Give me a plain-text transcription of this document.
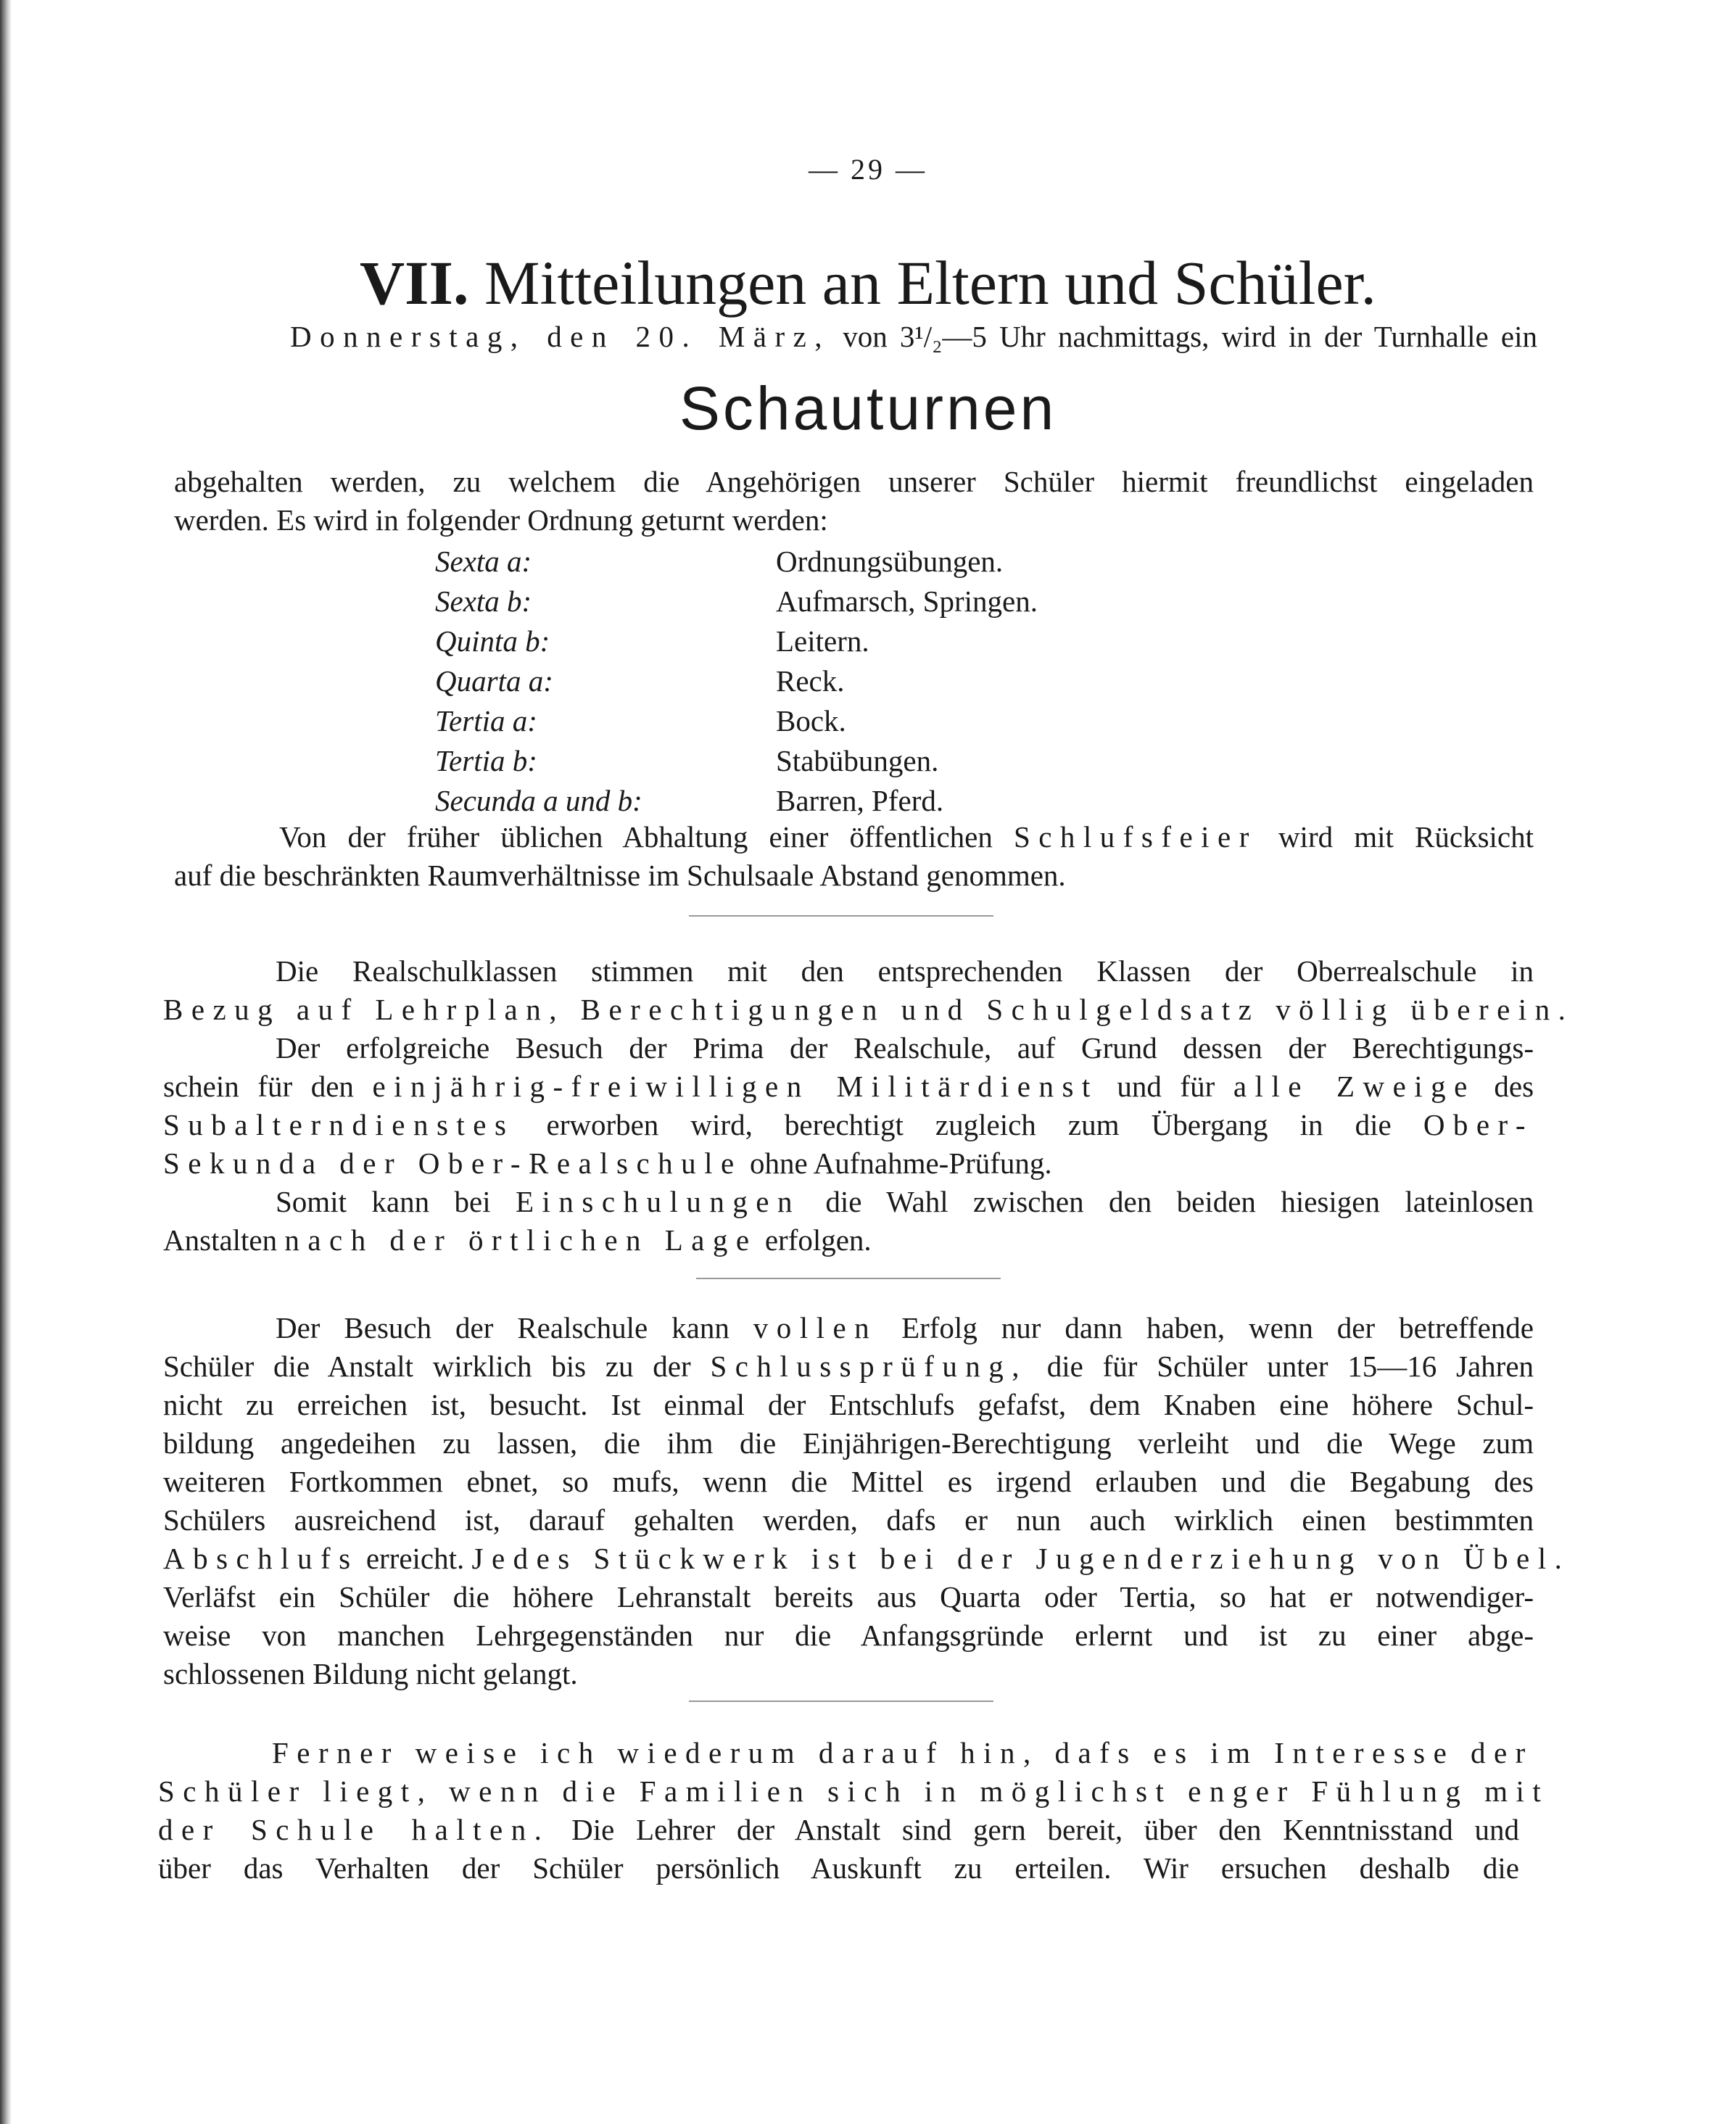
— 29 —
VII. Mitteilungen an Eltern und Schüler.
Donnerstag, den 20. März, von 3¹/₂—5 Uhr nachmittags, wird in der Turnhalle ein
Schauturnen
abgehalten werden, zu welchem die Angehörigen unserer Schüler hiermit freundlichst eingeladen
werden. Es wird in folgender Ordnung geturnt werden:
Sexta a:	Ordnungsübungen.
Sexta b:	Aufmarsch, Springen.
Quinta b:	Leitern.
Quarta a:	Reck.
Tertia a:	Bock.
Tertia b:	Stabübungen.
Secunda a und b:	Barren, Pferd.
Von der früher üblichen Abhaltung einer öffentlichen Schlufsfeier wird mit Rücksicht
auf die beschränkten Raumverhältnisse im Schulsaale Abstand genommen.
Die Realschulklassen stimmen mit den entsprechenden Klassen der Oberrealschule in
Bezug auf Lehrplan, Berechtigungen und Schulgeldsatz völlig überein.
Der erfolgreiche Besuch der Prima der Realschule, auf Grund dessen der Berechtigungs-
schein für den einjährig-freiwilligen Militärdienst und für alle Zweige des
Subalterndienstes erworben wird, berechtigt zugleich zum Übergang in die Ober-
Sekunda der Ober-Realschule ohne Aufnahme-Prüfung.
Somit kann bei Einschulungen die Wahl zwischen den beiden hiesigen lateinlosen
Anstalten nach der örtlichen Lage erfolgen.
Der Besuch der Realschule kann vollen Erfolg nur dann haben, wenn der betreffende
Schüler die Anstalt wirklich bis zu der Schlussprüfung, die für Schüler unter 15—16 Jahren
nicht zu erreichen ist, besucht. Ist einmal der Entschlufs gefafst, dem Knaben eine höhere Schul-
bildung angedeihen zu lassen, die ihm die Einjährigen-Berechtigung verleiht und die Wege zum
weiteren Fortkommen ebnet, so mufs, wenn die Mittel es irgend erlauben und die Begabung des
Schülers ausreichend ist, darauf gehalten werden, dafs er nun auch wirklich einen bestimmten
Abschlufs erreicht. Jedes Stückwerk ist bei der Jugenderziehung von Übel.
Verläfst ein Schüler die höhere Lehranstalt bereits aus Quarta oder Tertia, so hat er notwendiger-
weise von manchen Lehrgegenständen nur die Anfangsgründe erlernt und ist zu einer abge-
schlossenen Bildung nicht gelangt.
Ferner weise ich wiederum darauf hin, dafs es im Interesse der
Schüler liegt, wenn die Familien sich in möglichst enger Fühlung mit
der Schule halten. Die Lehrer der Anstalt sind gern bereit, über den Kenntnisstand und
über das Verhalten der Schüler persönlich Auskunft zu erteilen. Wir ersuchen deshalb die
